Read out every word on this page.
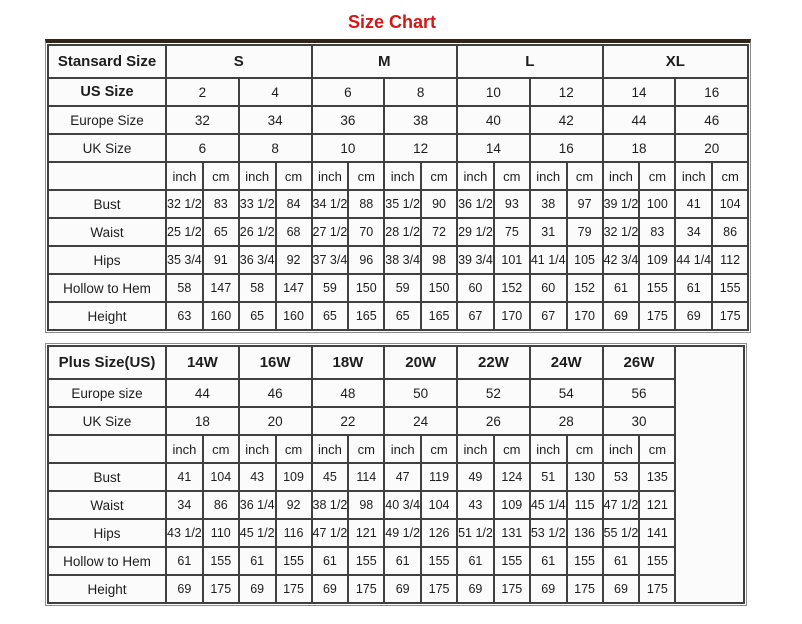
Size Chart
Stansard Size	S				M				L				XL			
US Size	2		4		6		8		10		12		14		16	
Europe Size	32		34		36		38		40		42		44		46	
UK Size	6		8		10		12		14		16		18		20	
	inch	cm	inch	cm	inch	cm	inch	cm	inch	cm	inch	cm	inch	cm	inch	cm
Bust	32 1/2	83	33 1/2	84	34 1/2	88	35 1/2	90	36 1/2	93	38	97	39 1/2	100	41	104
Waist	25 1/2	65	26 1/2	68	27 1/2	70	28 1/2	72	29 1/2	75	31	79	32 1/2	83	34	86
Hips	35 3/4	91	36 3/4	92	37 3/4	96	38 3/4	98	39 3/4	101	41 1/4	105	42 3/4	109	44 1/4	112
Hollow to Hem	58	147	58	147	59	150	59	150	60	152	60	152	61	155	61	155
Height	63	160	65	160	65	165	65	165	67	170	67	170	69	175	69	175
Plus Size(US)	14W		16W		18W		20W		22W		24W		26W		
Europe size	44		46		48		50		52		54		56		
UK Size	18		20		22		24		26		28		30		
	inch	cm	inch	cm	inch	cm	inch	cm	inch	cm	inch	cm	inch	cm	
Bust	41	104	43	109	45	114	47	119	49	124	51	130	53	135	
Waist	34	86	36 1/4	92	38 1/2	98	40 3/4	104	43	109	45 1/4	115	47 1/2	121	
Hips	43 1/2	110	45 1/2	116	47 1/2	121	49 1/2	126	51 1/2	131	53 1/2	136	55 1/2	141	
Hollow to Hem	61	155	61	155	61	155	61	155	61	155	61	155	61	155	
Height	69	175	69	175	69	175	69	175	69	175	69	175	69	175	
